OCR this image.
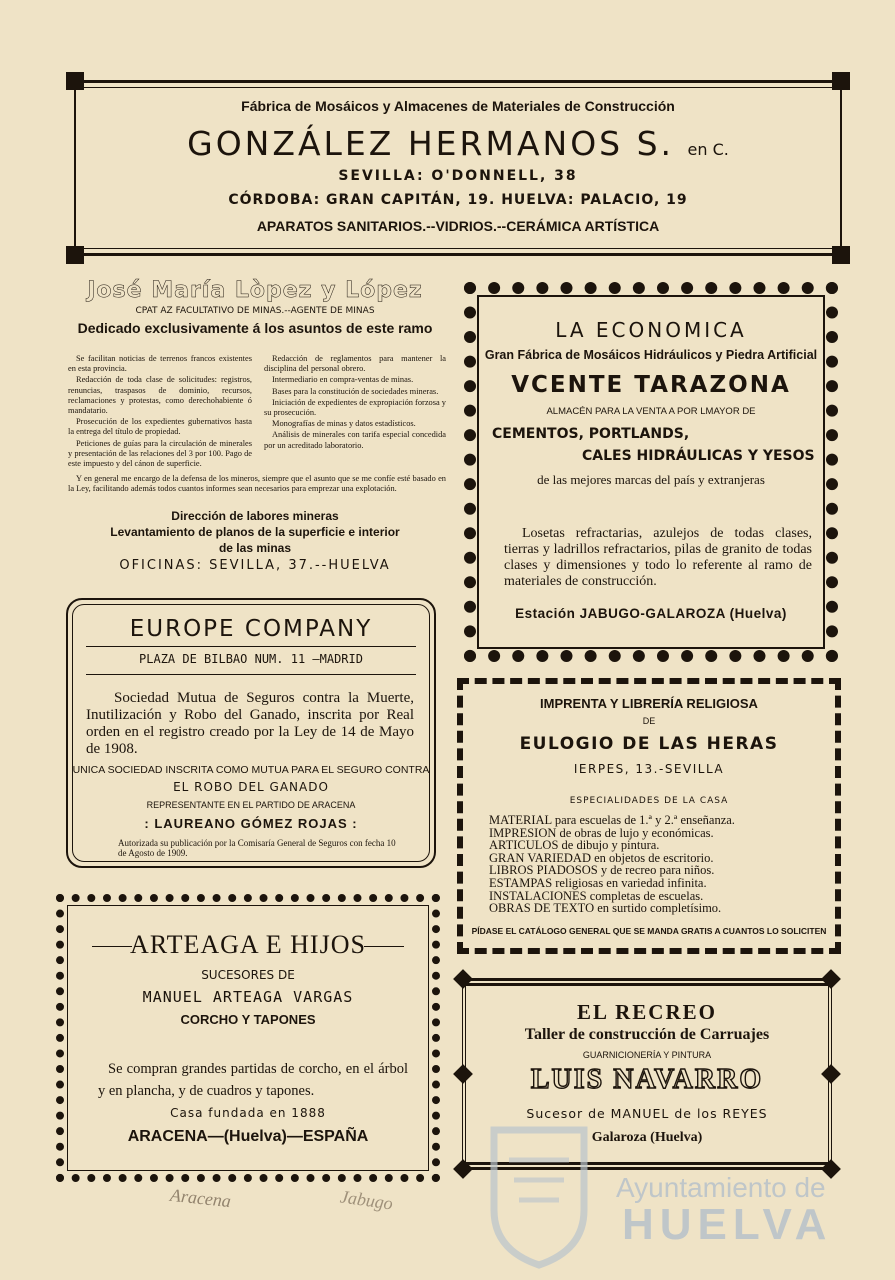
Fábrica de Mosáicos y Almacenes de Materiales de Construcción
GONZÁLEZ HERMANOS S. en C.
SEVILLA: O'DONNELL, 38
CÓRDOBA: GRAN CAPITÁN, 19. HUELVA: PALACIO, 19
APARATOS SANITARIOS.--VIDRIOS.--CERÁMICA ARTÍSTICA
José María Lòpez y López
CPAT AZ FACULTATIVO DE MINAS.--AGENTE DE MINAS
Dedicado exclusivamente á los asuntos de este ramo

Se facilitan noticias de terrenos francos existentes en esta provincia.

Redacción de toda clase de solicitudes: registros, renuncias, traspasos de dominio, recursos, reclamaciones y protestas, como derechohabiente ó mandatario.

Prosecución de los expedientes gubernativos hasta la entrega del título de propiedad.

Peticiones de guías para la circulación de minerales y presentación de las relaciones del 3 por 100. Pago de este impuesto y del cánon de superficie.

Redacción de reglamentos para mantener la disciplina del personal obrero.

Intermediario en compra-ventas de minas.

Bases para la constitución de sociedades mineras.

Iniciación de expedientes de expropiación forzosa y su prosecución.

Monografías de minas y datos estadísticos.

Análisis de minerales con tarifa especial concedida por un acreditado laboratorio.

Y en general me encargo de la defensa de los mineros, siempre que el asunto que se me confíe esté basado en la Ley, facilitando además todos cuantos informes sean necesarios para emprezar una explotación.

Dirección de labores mineras
Levantamiento de planos de la superficie e interior
de las minas
OFICINAS: SEVILLA, 37.--HUELVA
LA ECONOMICA
Gran Fábrica de Mosáicos Hidráulicos y Piedra Artificial
VCENTE TARAZONA
ALMACÉN PARA LA VENTA A POR LMAYOR DE
CEMENTOS, PORTLANDS,
CALES HIDRÁULICAS Y YESOS
de las mejores marcas del país y extranjeras
Losetas refractarias, azulejos de todas clases, tierras y ladrillos refractarios, pilas de granito de todas clases y dimensiones y todo lo referente al ramo de materiales de construcción.
Estación JABUGO-GALAROZA (Huelva)
EUROPE COMPANY
PLAZA DE BILBAO NUM. 11 —MADRID
Sociedad Mutua de Seguros contra la Muerte, Inutilización y Robo del Ganado, inscrita por Real orden en el registro creado por la Ley de 14 de Mayo de 1908.
UNICA SOCIEDAD INSCRITA COMO MUTUA PARA EL SEGURO CONTRA
EL ROBO DEL GANADO
REPRESENTANTE EN EL PARTIDO DE ARACENA
: LAUREANO GÓMEZ ROJAS :
Autorizada su publicación por la Comisaría General de Seguros con fecha 10 de Agosto de 1909.
IMPRENTA Y LIBRERÍA RELIGIOSA
DE
EULOGIO DE LAS HERAS
IERPES, 13.-SEVILLA
ESPECIALIDADES DE LA CASA
MATERIAL para escuelas de 1.ª y 2.ª enseñanza.
IMPRESION de obras de lujo y económicas.
ARTICULOS de dibujo y pintura.
GRAN VARIEDAD en objetos de escritorio.
LIBROS PIADOSOS y de recreo para niños.
ESTAMPAS religiosas en variedad infinita.
INSTALACIONES completas de escuelas.
OBRAS DE TEXTO en surtido completísimo.
PÍDASE EL CATÁLOGO GENERAL QUE SE MANDA GRATIS A CUANTOS LO SOLICITEN
ARTEAGA E HIJOS
SUCESORES DE
MANUEL ARTEAGA VARGAS
CORCHO Y TAPONES
Se compran grandes partidas de corcho, en el árbol y en plancha, y de cuadros y tapones.
Casa fundada en 1888
ARACENA—(Huelva)—ESPAÑA
EL RECREO
Taller de construcción de Carruajes
GUARNICIONERÍA Y PINTURA
LUIS NAVARRO
Sucesor de MANUEL de los REYES
Galaroza (Huelva)
Aracena	Jabugo	Ayuntamiento de
HUELVA
